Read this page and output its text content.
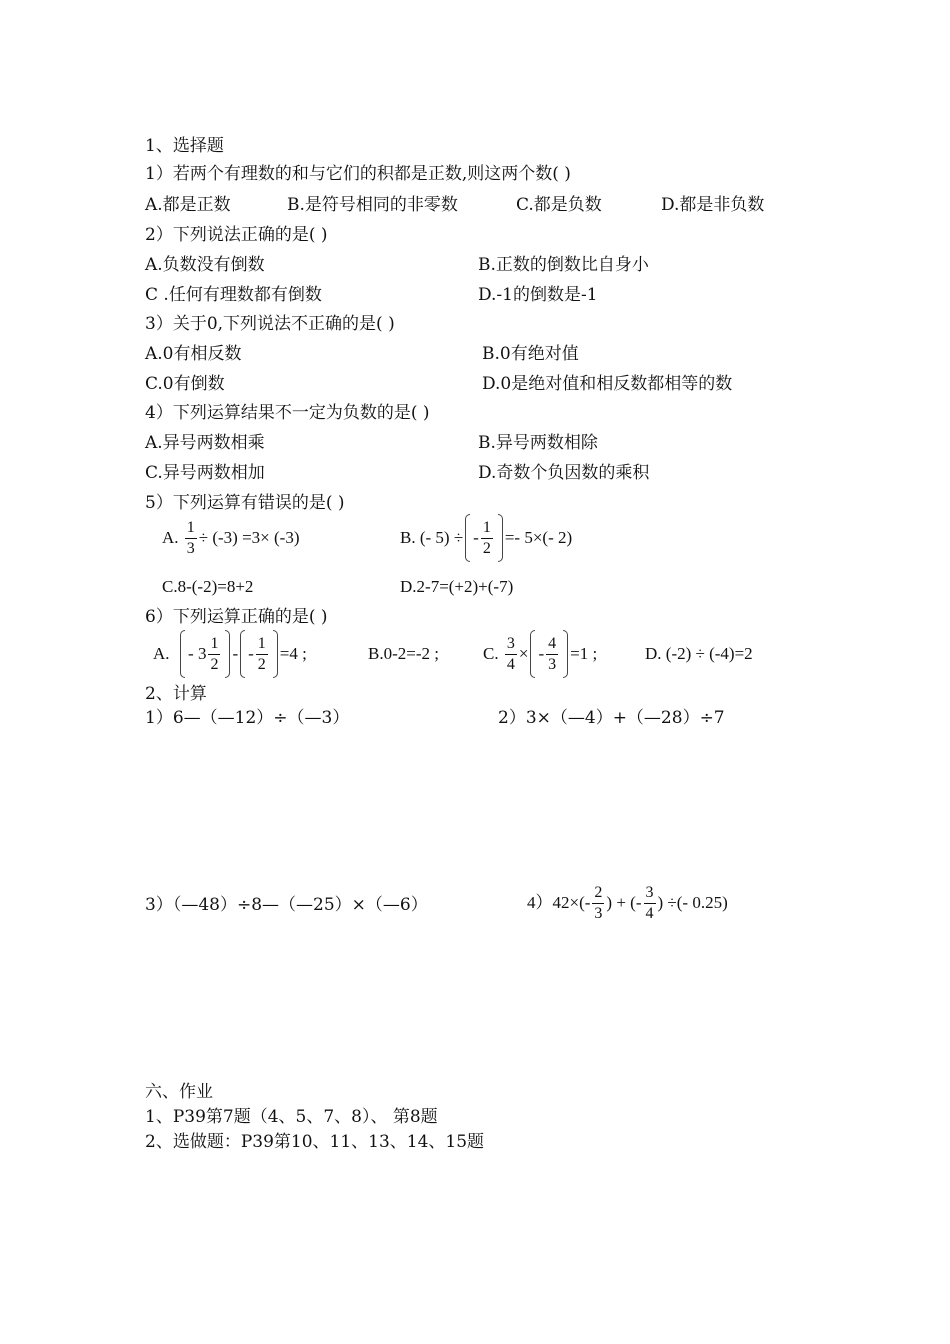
1、选择题
1）若两个有理数的和与它们的积都是正数,则这两个数( )
A.都是正数	B.是符号相同的非零数	C.都是负数	D.都是非负数
2）下列说法正确的是( )
A.负数没有倒数	B.正数的倒数比自身小
C .任何有理数都有倒数	D.-1的倒数是-1
3）关于0,下列说法不正确的是( )
A.0有相反数	B.0有绝对值
C.0有倒数	D.0是绝对值和相反数都相等的数
4）下列运算结果不一定为负数的是( )
A.异号两数相乘	B.异号两数相除
C.异号两数相加	D.奇数个负因数的乘积
5）下列运算有错误的是( )
A.
$\frac{1}{3} \div (-3) =3\times (-3)$	B.
(- 5) ÷ - $\frac{1}{2} =- 5\times(-$ 2)
C.8-(-2)=8+2	D.2-7=(+2)+(-7)
6）下列运算正确的是( )
A.
- $3 \frac{1}{2}$ - - $\frac{1}{2} =4$ ;	B.0-2=-2 ;	C.
$\frac{3}{4}$ × - $\frac{4}{3} =1$ ;	D. (-2) ÷ (-4)=2
2、计算
1）6—（—12）÷（—3）	2）3×（—4）+（—28）÷7
3）（—48）÷8—（—25）×（—6）	$4)42\times(- \frac{2}{3}$ ) + (- $\frac{3}{4}$ ) ÷(- 0.25)
六、作业
1、P39第7题（4、5、7、8）、 第8题
2、选做题：P39第10、11、13、14、15题
